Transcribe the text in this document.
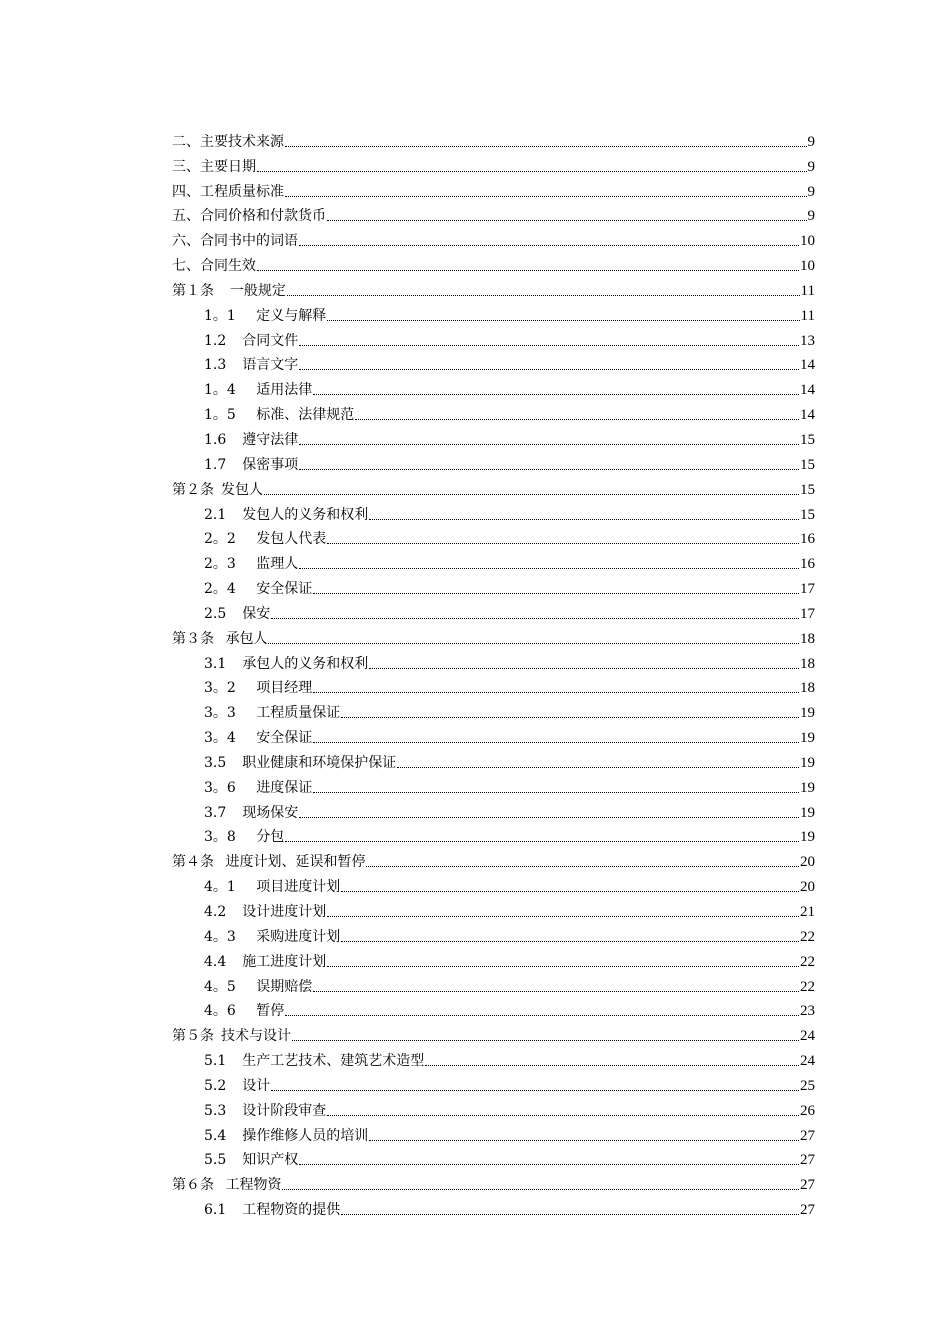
二、主要技术来源	9
三、主要日期	9
四、工程质量标准	9
五、合同价格和付款货币	9
六、合同书中的词语	10
七、合同生效	10
第１条 一般规定	11
1。1 定义与解释	11
1.2 合同文件	13
1.3 语言文字	14
1。4 适用法律	14
1。5 标准、法律规范	14
1.6 遵守法律	15
1.7 保密事项	15
第２条 发包人	15
2.1 发包人的义务和权利	15
2。2 发包人代表	16
2。3 监理人	16
2。4 安全保证	17
2.5 保安	17
第３条 承包人	18
3.1 承包人的义务和权利	18
3。2 项目经理	18
3。3 工程质量保证	19
3。4 安全保证	19
3.5 职业健康和环境保护保证	19
3。6 进度保证	19
3.7 现场保安	19
3。8 分包	19
第４条 进度计划、延误和暂停	20
4。1 项目进度计划	20
4.2 设计进度计划	21
4。3 采购进度计划	22
4.4 施工进度计划	22
4。5 误期赔偿	22
4。6 暂停	23
第５条 技术与设计	24
5.1 生产工艺技术、建筑艺术造型	24
5.2 设计	25
5.3 设计阶段审查	26
5.4 操作维修人员的培训	27
5.5 知识产权	27
第６条 工程物资	27
6.1 工程物资的提供	27
